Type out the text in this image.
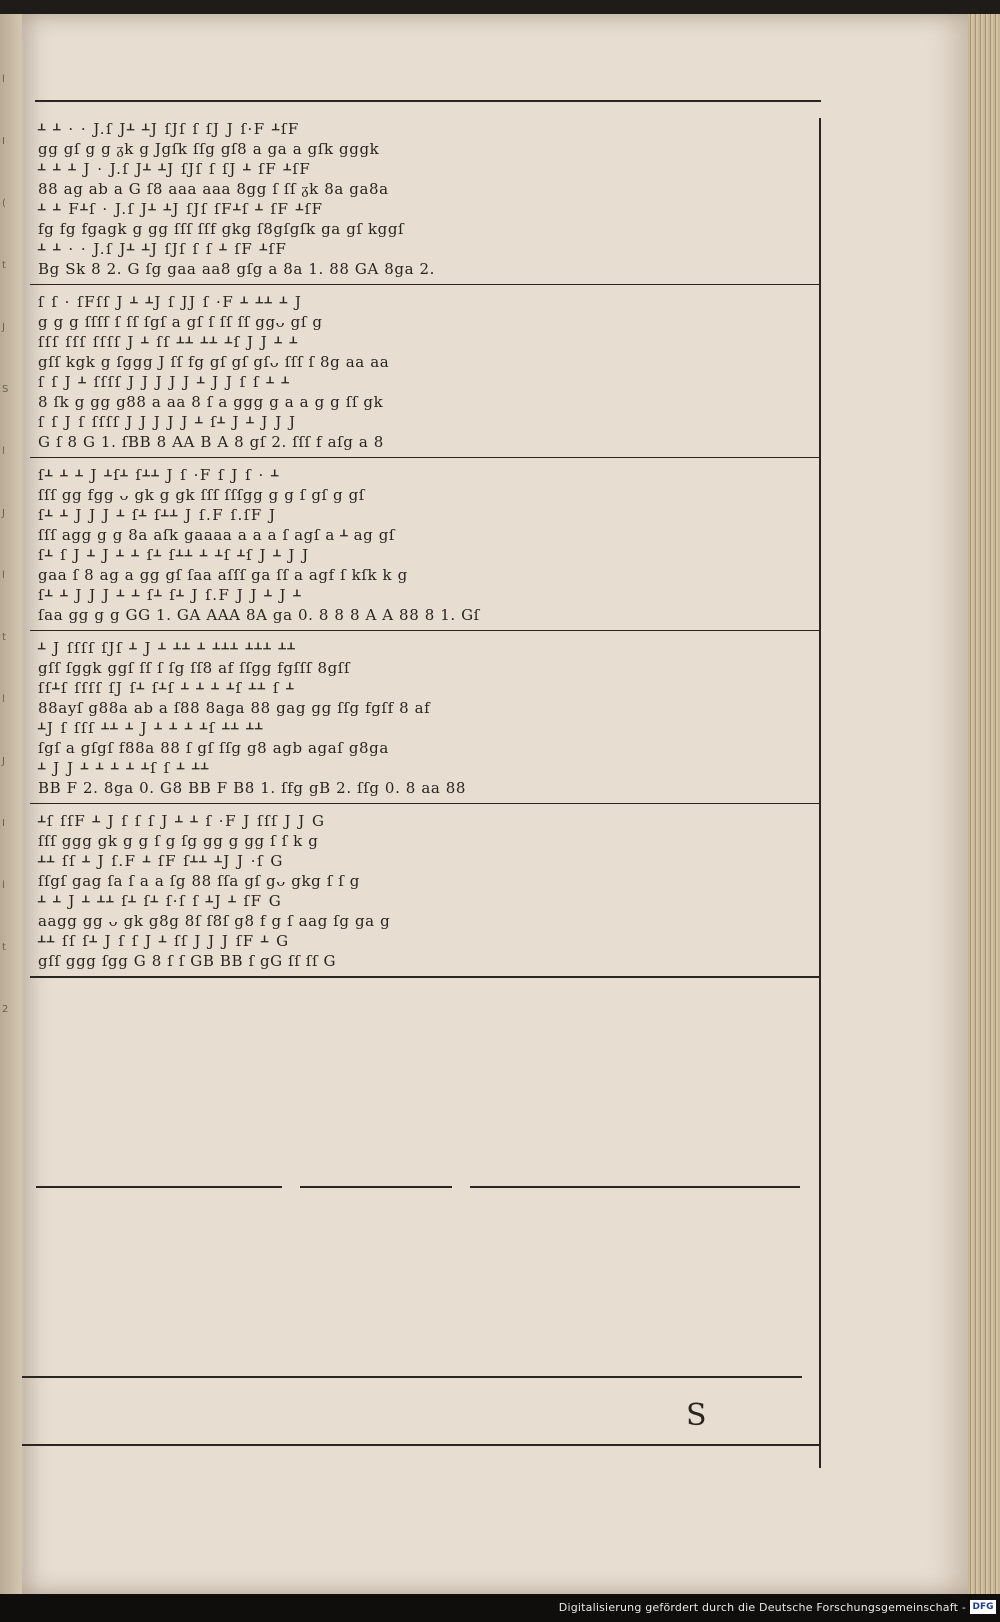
l
I
(
t
J
S
l
J
l
t
l
J
I
l
t
2
ᚆ ᚆ · · J.ſ Jᚆ ᚆJ ſJſ ſ ſJ J ſ·F ᚆſF
gg gſ g g ᵹk g Jgſk ſſg gſ8 a ga a gſk gggk
ᚆ ᚆ ᚆ J · J.ſ Jᚆ ᚆJ ſJſ ſ ſJ ᚆ ſF ᚆſF
88 ag ab a G ſ8 aaa aaa 8gg ſ ſſ ᵹk 8a ga8a
ᚆ ᚆ Fᚆſ · J.ſ Jᚆ ᚆJ ſJſ ſFᚆſ ᚆ ſF ᚆſF
fg fg fgagk g gg ſſſ ſſf gkg ſ8gſgſk ga gſ kggſ
ᚆ ᚆ · · J.ſ Jᚆ ᚆJ ſJſ ſ ſ ᚆ ſF ᚆſF
Bg Sk 8 2. G ſg gaa aa8 gſg a 8a 1. 88 GA 8ga 2.
ſ ſ · ſFſſ J ᚆ ᚆJ ſ JJ ſ ·F ᚆ ᚆᚆ ᚆ J
g g g ſſſſ ſ ſſ ſgſ a gſ ſ ſſ ſſ ggᴗ gſ g
ſſſ ſſſ ſſſſ J ᚆ ſſ ᚆᚆ ᚆᚆ ᚆſ J J ᚆ ᚆ
gſſ kgk g ſggg J ſſ fg gſ gſ gſᴗ ſſſ ſ 8g aa aa
ſ ſ J ᚆ ſſſſ J J J J J ᚆ J J ſ ſ ᚆ ᚆ
8 ſk g gg g88 a aa 8 ſ a ggg g a a g g ſſ gk
ſ ſ J ſ ſſſſ J J J J J ᚆ ſᚆ J ᚆ J J J
G ſ 8 G 1. ſBB 8 AA B A 8 gſ 2. ſſſ f aſg a 8
ſᚆ ᚆ ᚆ J ᚆſᚆ ſᚆᚆ J ſ ·F ſ J ſ · ᚆ
ſſſ gg fgg ᴗ gk g gk ſſſ ſſſgg g g ſ gſ g gſ
ſᚆ ᚆ J J J ᚆ ſᚆ ſᚆᚆ J ſ.F ſ.ſF J
ſſſ agg g g 8a aſk gaaaa a a a ſ agſ a ᚆ ag gſ
ſᚆ ſ J ᚆ J ᚆ ᚆ ſᚆ ſᚆᚆ ᚆ ᚆſ ᚆſ J ᚆ J J
gaa ſ 8 ag a gg gſ ſaa aſſſ ga ſſ a agf ſ kſk k g
ſᚆ ᚆ J J J ᚆ ᚆ ſᚆ ſᚆ J ſ.F J J ᚆ J ᚆ
ſaa gg g g GG 1. GA AAA 8A ga 0. 8 8 8 A A 88 8 1. Gſ
ᚆ J ſſſſ ſJſ ᚆ J ᚆ ᚆᚆ ᚆ ᚆᚆᚆ ᚆᚆᚆ ᚆᚆ
gſſ ſggk ggſ ſſ ſ ſg ſſ8 af ſſgg fgſſſ 8gſſ
ſſᚆſ ſſſſ ſJ ſᚆ ſᚆſ ᚆ ᚆ ᚆ ᚆſ ᚆᚆ ſ ᚆ
88ayſ g88a ab a ſ88 8aga 88 gag gg ſſg fgſf 8 af
ᚆJ ſ ſſſ ᚆᚆ ᚆ J ᚆ ᚆ ᚆ ᚆſ ᚆᚆ ᚆᚆ
ſgſ a gſgſ f88a 88 ſ gſ ſſg g8 agb agaſ g8ga
ᚆ J J ᚆ ᚆ ᚆ ᚆ ᚆſ ſ ᚆ ᚆᚆ
BB F 2. 8ga 0. G8 BB F B8 1. ſfg gB 2. ſſg 0. 8 aa 88
ᚆſ ſſF ᚆ J ſ ſ ſ J ᚆ ᚆ ſ ·F J ſſſ J J G
ſſſ ggg gk g g ſ g ſg gg g gg ſ ſ k g
ᚆᚆ ſſ ᚆ J ſ.F ᚆ ſF ſᚆᚆ ᚆJ J ·ſ G
ſſgſ gag ſa ſ a a ſg 88 ſſa gſ gᴗ gkg ſ ſ g
ᚆ ᚆ J ᚆ ᚆᚆ ſᚆ ſᚆ ſ·ſ ſ ᚆJ ᚆ ſF G
aagg gg ᴗ gk g8g 8ſ ſ8ſ g8 f g ſ aag ſg ga g
ᚆᚆ ſſ ſᚆ J ſ ſ J ᚆ ſſ J J J ſF ᚆ G
gſſ ggg ſgg G 8 ſ ſ GB BB ſ gG ſſ ſſ G
S
Digitalisierung gefördert durch die Deutsche Forschungsgemeinschaft - DFG
